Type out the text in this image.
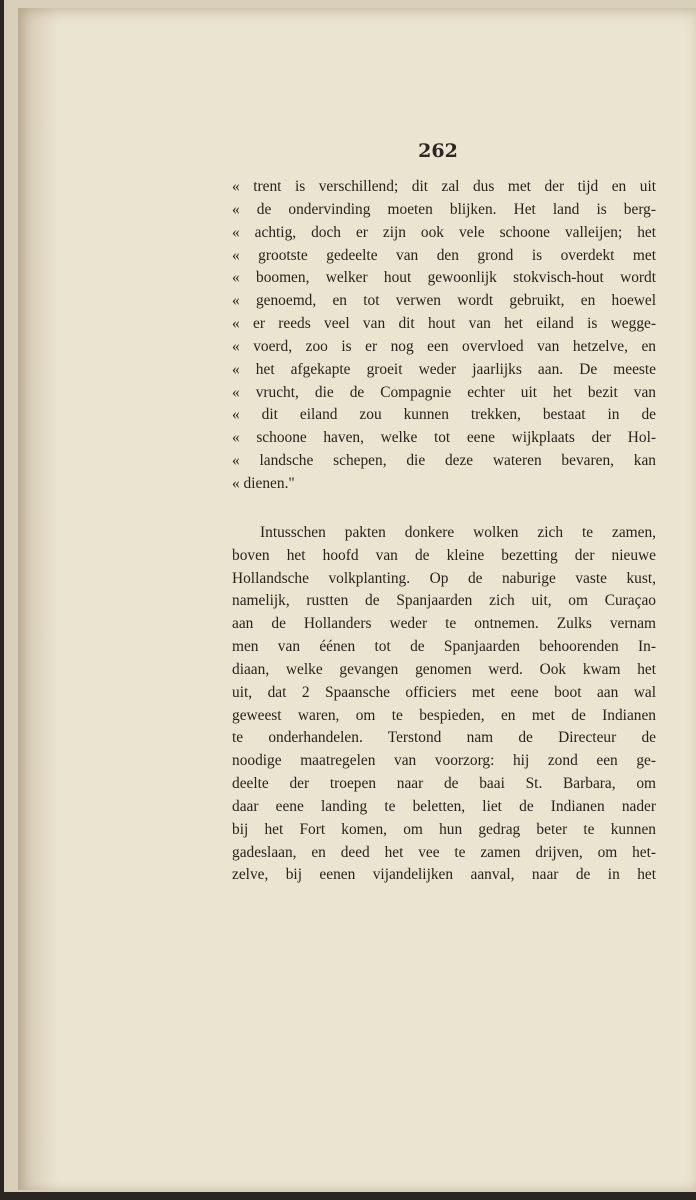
262
« trent is verschillend; dit zal dus met der tijd en uit
« de ondervinding moeten blijken. Het land is berg-
« achtig, doch er zijn ook vele schoone valleijen; het
« grootste gedeelte van den grond is overdekt met
« boomen, welker hout gewoonlijk stokvisch-hout wordt
« genoemd, en tot verwen wordt gebruikt, en hoewel
« er reeds veel van dit hout van het eiland is wegge-
« voerd, zoo is er nog een overvloed van hetzelve, en
« het afgekapte groeit weder jaarlijks aan. De meeste
« vrucht, die de Compagnie echter uit het bezit van
« dit eiland zou kunnen trekken, bestaat in de
« schoone haven, welke tot eene wijkplaats der Hol-
« landsche schepen, die deze wateren bevaren, kan
« dienen."
Intusschen pakten donkere wolken zich te zamen,
boven het hoofd van de kleine bezetting der nieuwe
Hollandsche volkplanting. Op de naburige vaste kust,
namelijk, rustten de Spanjaarden zich uit, om Curaçao
aan de Hollanders weder te ontnemen. Zulks vernam
men van éénen tot de Spanjaarden behoorenden In-
diaan, welke gevangen genomen werd. Ook kwam het
uit, dat 2 Spaansche officiers met eene boot aan wal
geweest waren, om te bespieden, en met de Indianen
te onderhandelen. Terstond nam de Directeur de
noodige maatregelen van voorzorg: hij zond een ge-
deelte der troepen naar de baai St. Barbara, om
daar eene landing te beletten, liet de Indianen nader
bij het Fort komen, om hun gedrag beter te kunnen
gadeslaan, en deed het vee te zamen drijven, om het-
zelve, bij eenen vijandelijken aanval, naar de in het
